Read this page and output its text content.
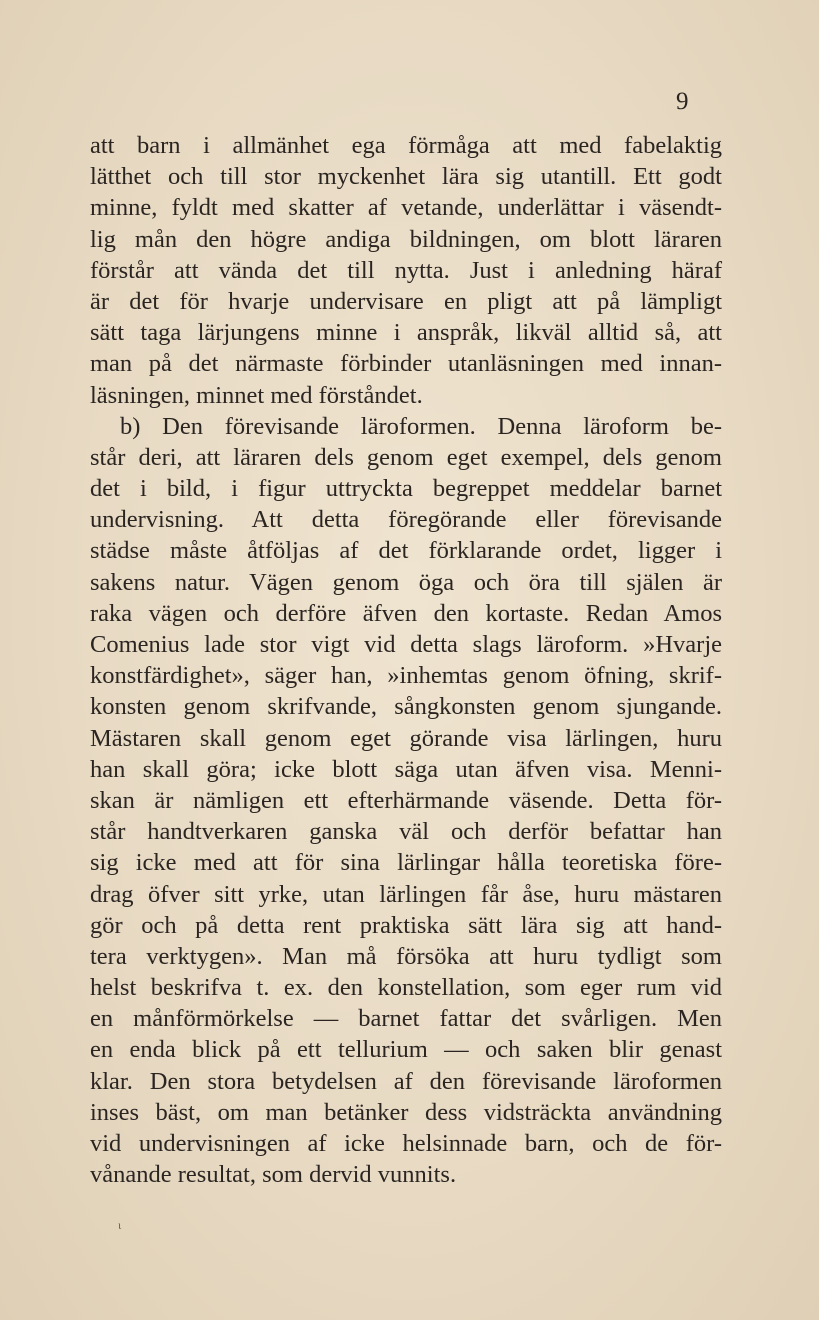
9
att barn i allmänhet ega förmåga att med fabelaktig
lätthet och till stor myckenhet lära sig utantill. Ett godt
minne, fyldt med skatter af vetande, underlättar i väsendt-
lig mån den högre andiga bildningen, om blott läraren
förstår att vända det till nytta. Just i anledning häraf
är det för hvarje undervisare en pligt att på lämpligt
sätt taga lärjungens minne i anspråk, likväl alltid så, att
man på det närmaste förbinder utanläsningen med innan-
läsningen, minnet med förståndet.
b) Den förevisande läroformen. Denna läroform be-
står deri, att läraren dels genom eget exempel, dels genom
det i bild, i figur uttryckta begreppet meddelar barnet
undervisning. Att detta föregörande eller förevisande
städse måste åtföljas af det förklarande ordet, ligger i
sakens natur. Vägen genom öga och öra till själen är
raka vägen och derföre äfven den kortaste. Redan Amos
Comenius lade stor vigt vid detta slags läroform. »Hvarje
konstfärdighet», säger han, »inhemtas genom öfning, skrif-
konsten genom skrifvande, sångkonsten genom sjungande.
Mästaren skall genom eget görande visa lärlingen, huru
han skall göra; icke blott säga utan äfven visa. Menni-
skan är nämligen ett efterhärmande väsende. Detta för-
står handtverkaren ganska väl och derför befattar han
sig icke med att för sina lärlingar hålla teoretiska före-
drag öfver sitt yrke, utan lärlingen får åse, huru mästaren
gör och på detta rent praktiska sätt lära sig att hand-
tera verktygen». Man må försöka att huru tydligt som
helst beskrifva t. ex. den konstellation, som eger rum vid
en månförmörkelse — barnet fattar det svårligen. Men
en enda blick på ett tellurium — och saken blir genast
klar. Den stora betydelsen af den förevisande läroformen
inses bäst, om man betänker dess vidsträckta användning
vid undervisningen af icke helsinnade barn, och de för-
vånande resultat, som dervid vunnits.
ι
